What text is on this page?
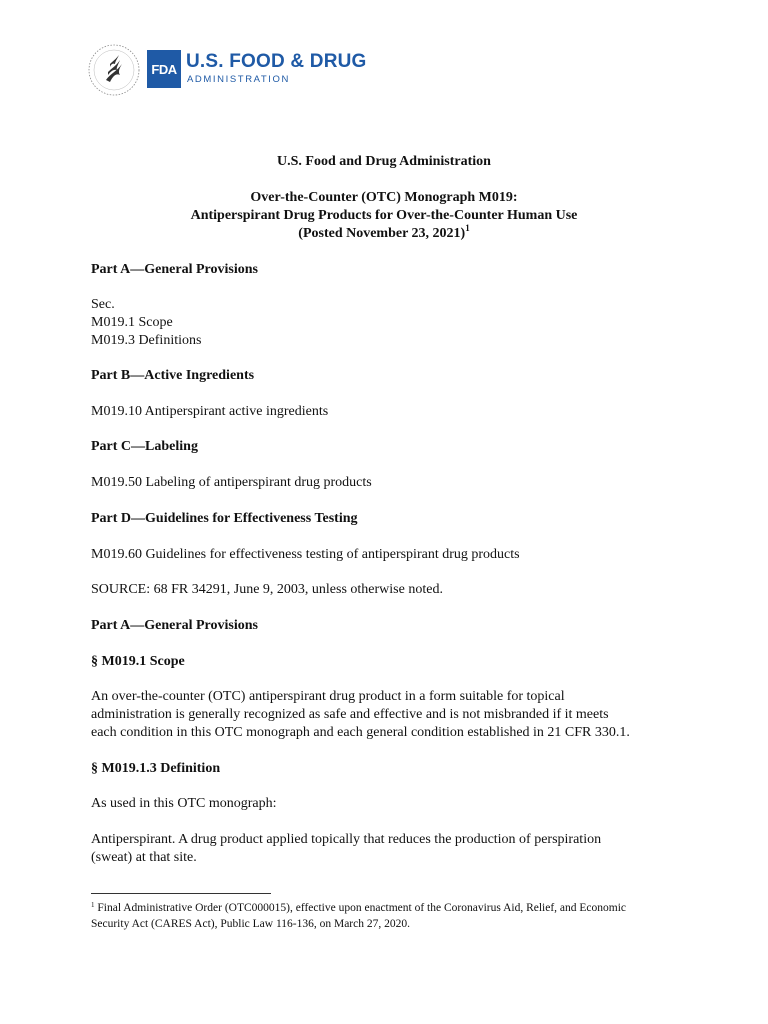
FDA U.S. FOOD & DRUG
ADMINISTRATION
U.S. Food and Drug Administration
Over-the-Counter (OTC) Monograph M019:
Antiperspirant Drug Products for Over-the-Counter Human Use
(Posted November 23, 2021)$^1$
Part A—General Provisions
Sec.
M019.1 Scope
M019.3 Definitions
Part B—Active Ingredients
M019.10 Antiperspirant active ingredients
Part C—Labeling
M019.50 Labeling of antiperspirant drug products
Part D—Guidelines for Effectiveness Testing
M019.60 Guidelines for effectiveness testing of antiperspirant drug products
SOURCE: 68 FR 34291, June 9, 2003, unless otherwise noted.
Part A—General Provisions
§ M019.1 Scope
An over-the-counter (OTC) antiperspirant drug product in a form suitable for topical
administration is generally recognized as safe and effective and is not misbranded if it meets
each condition in this OTC monograph and each general condition established in 21 CFR 330.1.
§ M019.1.3 Definition
As used in this OTC monograph:
Antiperspirant. A drug product applied topically that reduces the production of perspiration
(sweat) at that site.
$^1$ Final Administrative Order (OTC000015), effective upon enactment of the Coronavirus Aid, Relief, and Economic
Security Act (CARES Act), Public Law 116-136, on March 27, 2020.
